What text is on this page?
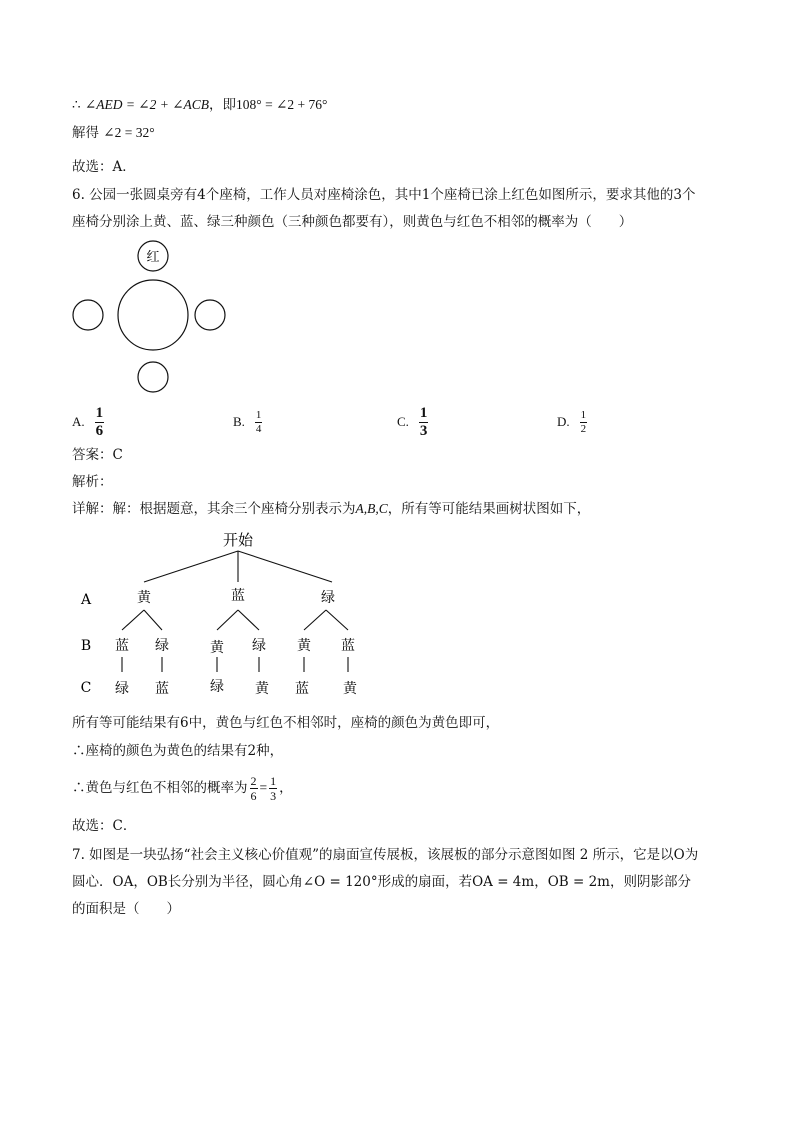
∴ ∠AED = ∠2 + ∠ACB，即108° = ∠2 + 76°
解得 ∠2 = 32°
故选：A．
6. 公园一张圆桌旁有4个座椅，工作人员对座椅涂色，其中1个座椅已涂上红色如图所示，要求其他的3个
座椅分别涂上黄、蓝、绿三种颜色（三种颜色都要有），则黄色与红色不相邻的概率为（　　）
红
A. $\frac{1}{6}$	B. $\frac{1}{4}$	C. $\frac{1}{3}$	D. $\frac{1}{2}$
答案：C
解析：
详解：解：根据题意，其余三个座椅分别表示为A,B,C，所有等可能结果画树状图如下，
开始
A
B
C
黄	蓝	绿
蓝 绿	黄 绿 黄 蓝
绿 蓝	绿 黄 蓝 黄
所有等可能结果有6中，黄色与红色不相邻时，座椅的颜色为黄色即可，
∴座椅的颜色为黄色的结果有2种，
∴黄色与红色不相邻的概率为 $\frac{2}{6} = \frac{1}{3}$ ，
故选：C．
7. 如图是一块弘扬“社会主义核心价值观”的扇面宣传展板，该展板的部分示意图如图 2 所示，它是以O为
圆心．OA，OB长分别为半径，圆心角∠O = 120°形成的扇面，若OA = 4m，OB = 2m，则阴影部分
的面积是（　　）
